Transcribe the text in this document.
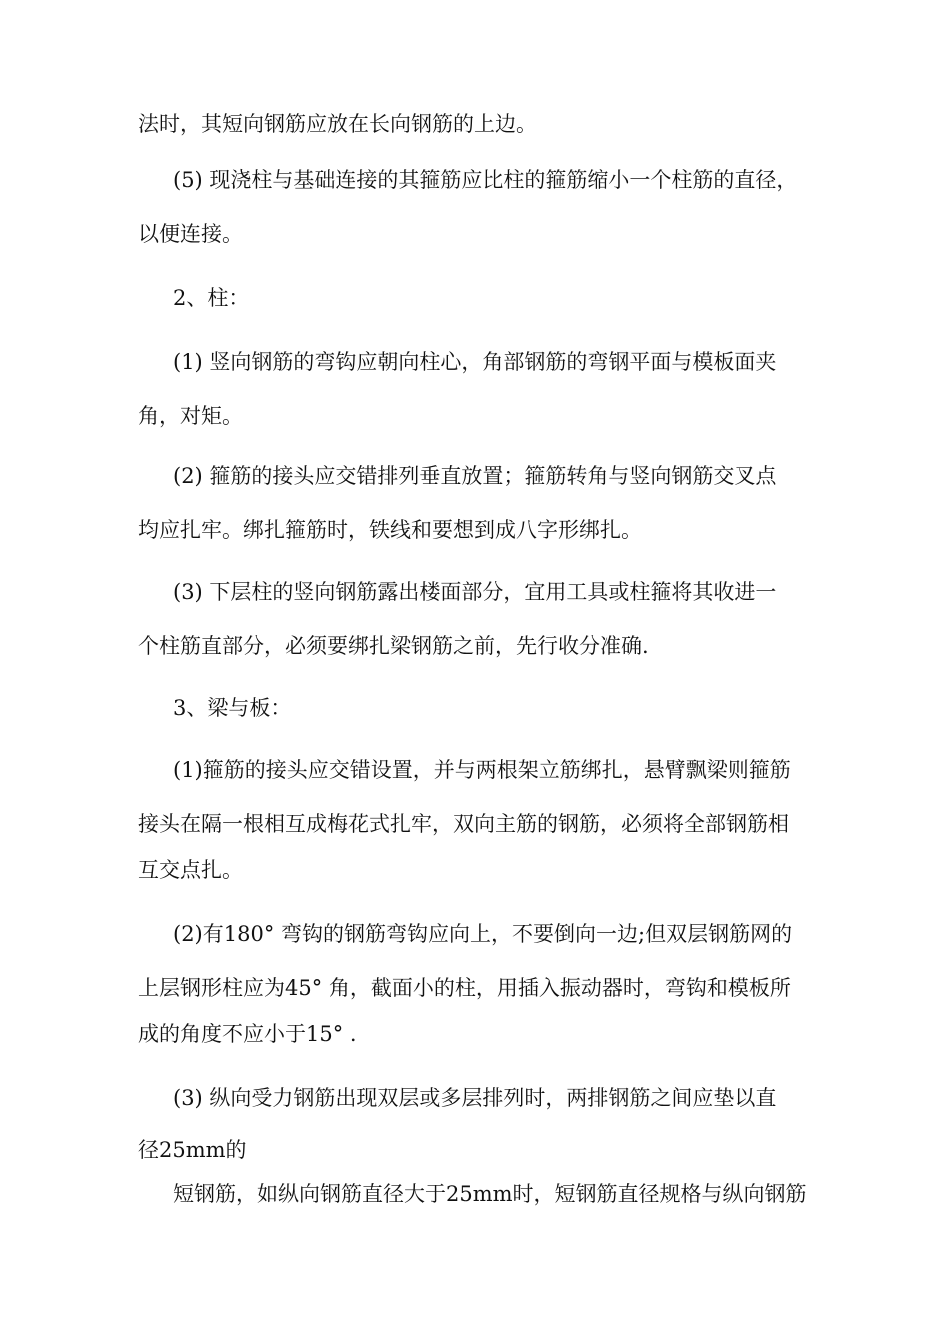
法时，其短向钢筋应放在长向钢筋的上边。
(5) 现浇柱与基础连接的其箍筋应比柱的箍筋缩小一个柱筋的直径，
以便连接。
2、柱：
(1) 竖向钢筋的弯钩应朝向柱心，角部钢筋的弯钢平面与模板面夹
角，对矩。
(2) 箍筋的接头应交错排列垂直放置；箍筋转角与竖向钢筋交叉点
均应扎牢。绑扎箍筋时，铁线和要想到成八字形绑扎。
(3) 下层柱的竖向钢筋露出楼面部分，宜用工具或柱箍将其收进一
个柱筋直部分，必须要绑扎梁钢筋之前，先行收分准确.
3、梁与板：
(1)箍筋的接头应交错设置，并与两根架立筋绑扎，悬臂飘梁则箍筋
接头在隔一根相互成梅花式扎牢，双向主筋的钢筋，必须将全部钢筋相
互交点扎。
(2)有180° 弯钩的钢筋弯钩应向上，不要倒向一边;但双层钢筋网的
上层钢形柱应为45° 角，截面小的柱，用插入振动器时，弯钩和模板所
成的角度不应小于15° .
(3) 纵向受力钢筋出现双层或多层排列时，两排钢筋之间应垫以直
径25mm的
短钢筋，如纵向钢筋直径大于25mm时，短钢筋直径规格与纵向钢筋
